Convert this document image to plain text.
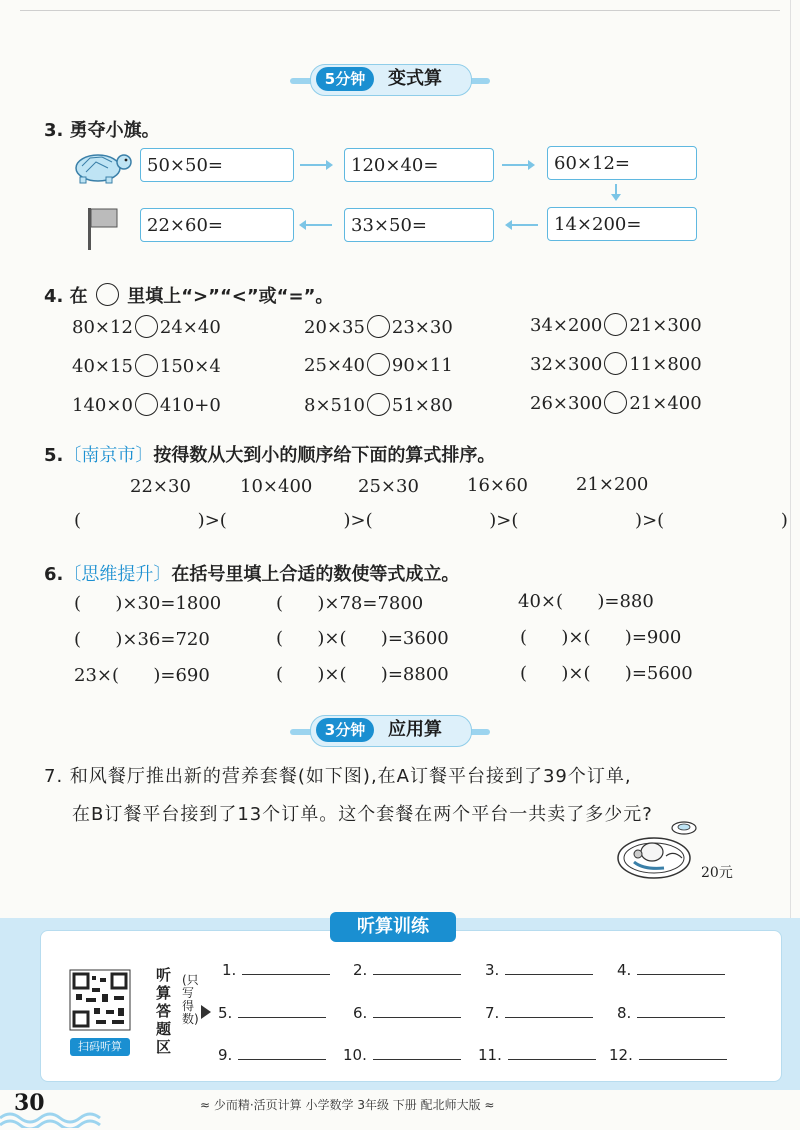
5分钟	变式算
3. 勇夺小旗。
50×50=	120×40=	60×12=
14×200=
33×50=
22×60=
4. 在 里填上“>”“<”或“=”。
80×12 24×40	20×35 23×30	34×200 21×300
40×15 150×4	25×40 90×11	32×300 11×800
140×0 410+0	8×510 51×80	26×300 21×400
5.〔南京市〕按得数从大到小的顺序给下面的算式排序。
22×30	10×400	25×30	16×60	21×200
(            )>(            )>(            )>(            )>(            )
6.〔思维提升〕在括号里填上合适的数使等式成立。
(      )×30=1800	(      )×78=7800	40×(      )=880
(      )×36=720	(      )×(      )=3600	(      )×(      )=900
23×(      )=690	(      )×(      )=8800	(      )×(      )=5600
3分钟	应用算
7. 和风餐厅推出新的营养套餐(如下图),在A订餐平台接到了39个订单,
在B订餐平台接到了13个订单。这个套餐在两个平台一共卖了多少元?
20元
听算训练
扫码听算
听算答题区
(只写得数)
1.	2.	3.	4.
5.	6.	7.	8.
9.	10.	11.	12.
30	≈ 少而精·活页计算 小学数学 3年级 下册 配北师大版 ≈
